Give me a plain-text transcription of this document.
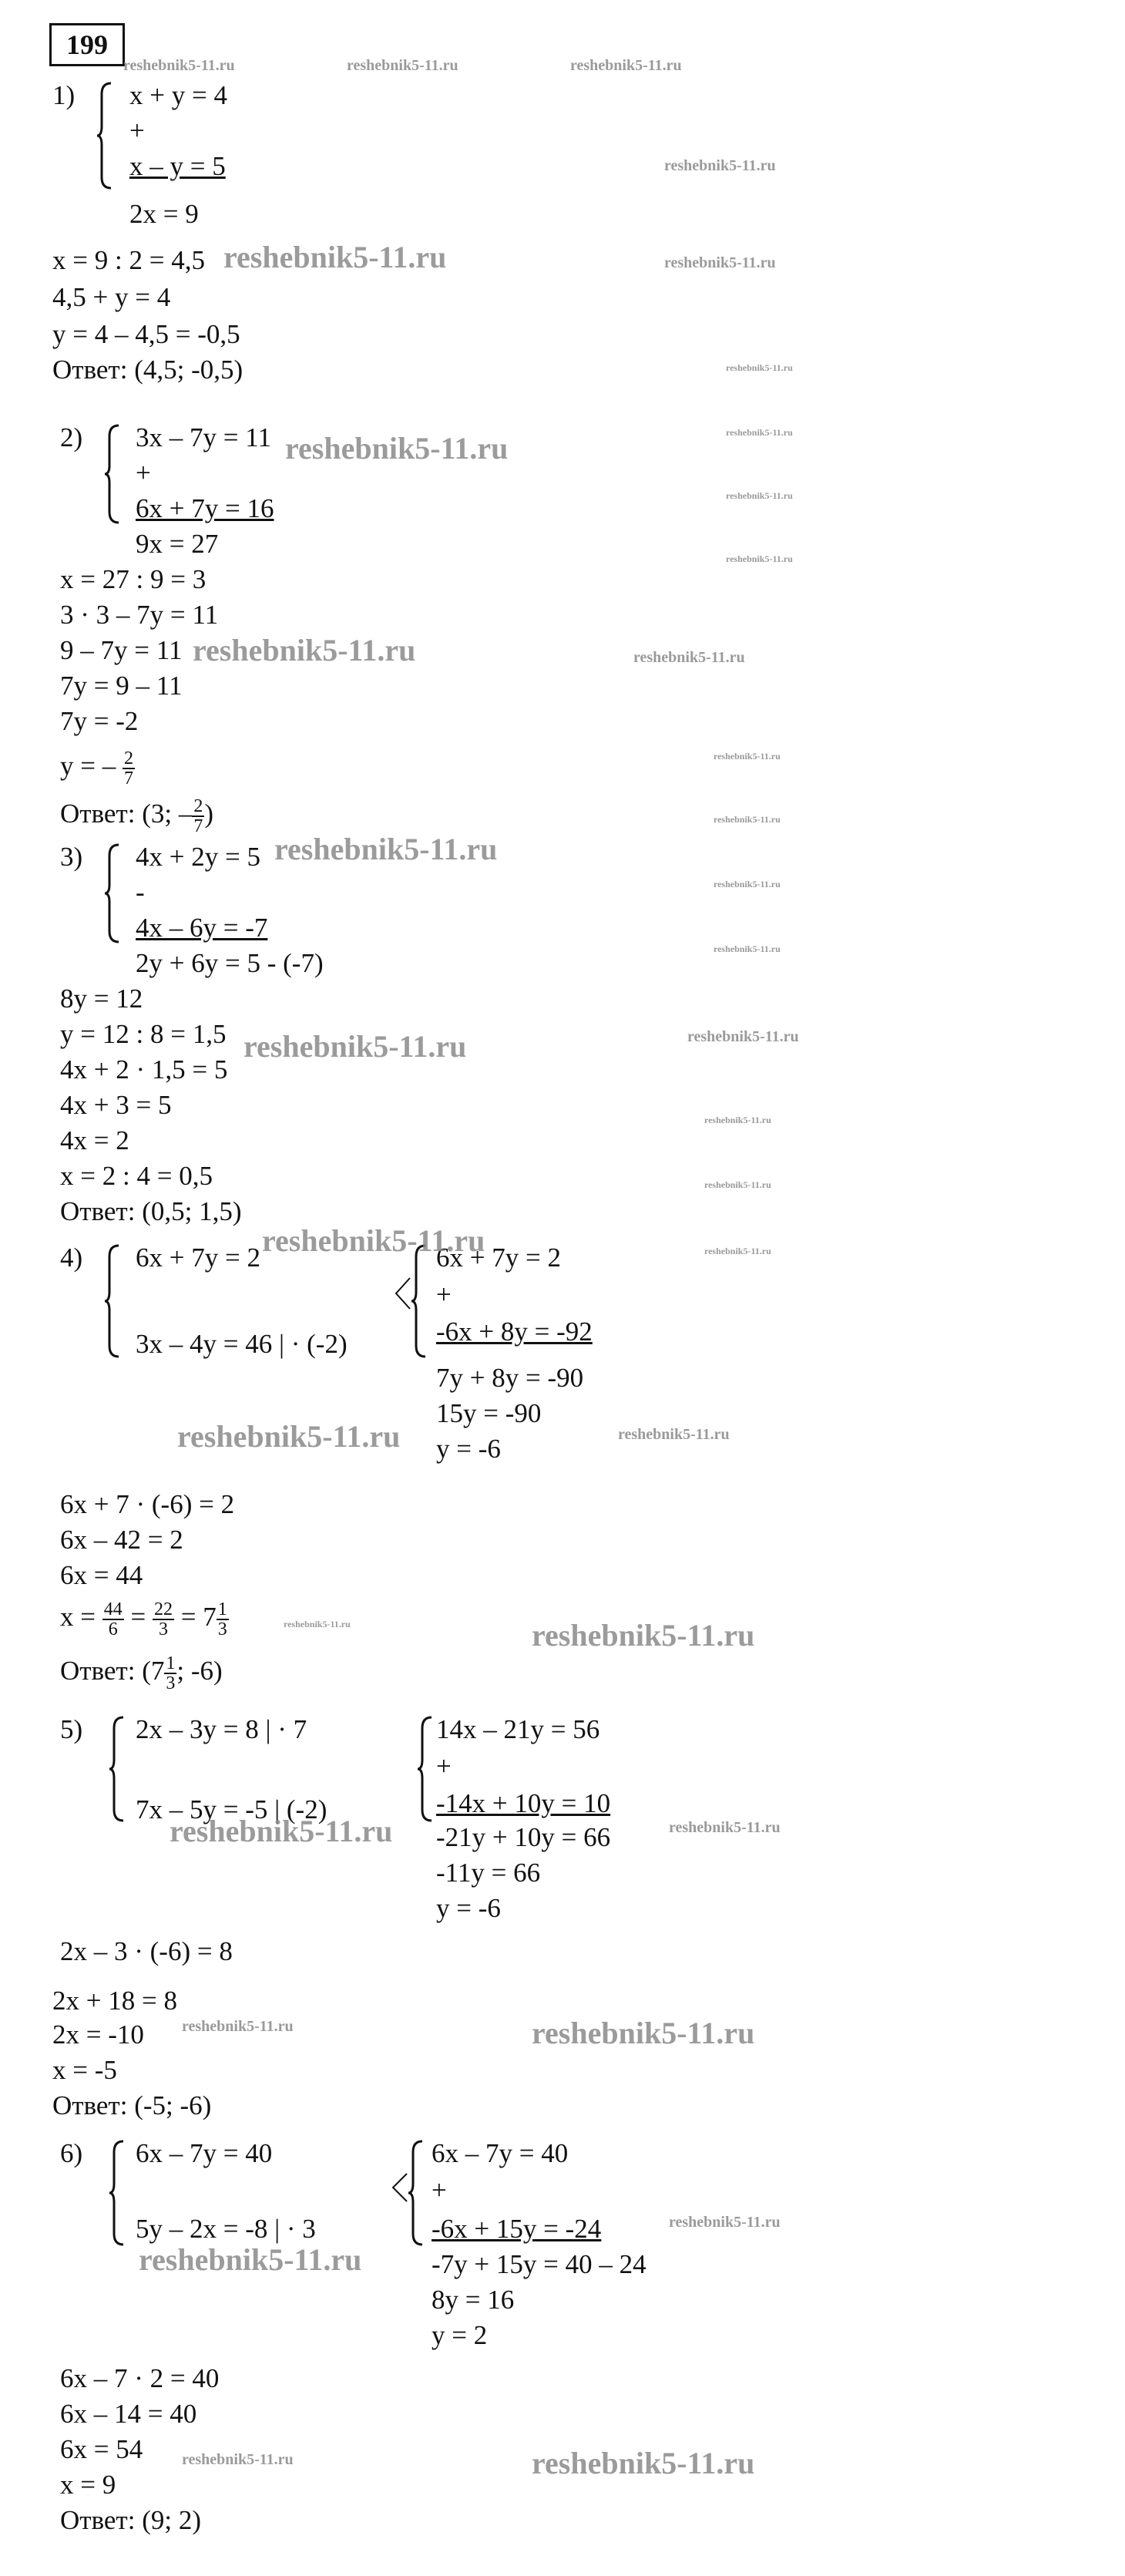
199
1) x + y = 4
+
x – y = 5
2x = 9
x = 9 : 2 = 4,5
4,5 + y = 4
y = 4 – 4,5 = -0,5
Ответ: (4,5; -0,5)
2) 3x – 7y = 11
+
6x + 7y = 16
9x = 27
x = 27 : 9 = 3
3 · 3 – 7y = 11
9 – 7y = 11
7y = 9 – 11
7y = -2
y = – $\frac{2}{7}$
Ответ: (3; – $\frac{2}{7}$ )
3) 4x + 2y = 5
-
4x – 6y = -7
2y + 6y = 5 - (-7)
8y = 12
y = 12 : 8 = 1,5
4x + 2 · 1,5 = 5
4x + 3 = 5
4x = 2
x = 2 : 4 = 0,5
Ответ: (0,5; 1,5)
4) 6x + 7y = 2
3x – 4y = 46 | · (-2)
6x + 7y = 2
+
-6x + 8y = -92
7y + 8y = -90
15y = -90
y = -6
6x + 7 · (-6) = 2
6x – 42 = 2
6x = 44
$x = \frac{44}{6} = \frac{22}{3} = 7 \frac{1}{3}$
Ответ: ($7 \frac{1}{3}$ ; -6)
5) 2x – 3y = 8 | · 7
7x – 5y = -5 | (-2)
14x – 21y = 56
+
-14x + 10y = 10
-21y + 10y = 66
-11y = 66
y = -6
2x – 3 · (-6) = 8
2x + 18 = 8
2x = -10
x = -5
Ответ: (-5; -6)
6) 6x – 7y = 40
5y – 2x = -8 | · 3
6x – 7y = 40
+
-6x + 15y = -24
-7y + 15y = 40 – 24
8y = 16
y = 2
6x – 7 · 2 = 40
6x – 14 = 40
6x = 54
x = 9
Ответ: (9; 2)
reshebnik5-11.ru	reshebnik5-11.ru	reshebnik5-11.ru
reshebnik5-11.ru
reshebnik5-11.ru	reshebnik5-11.ru
reshebnik5-11.ru
reshebnik5-11.ru
reshebnik5-11.ru
reshebnik5-11.ru
reshebnik5-11.ru
reshebnik5-11.ru	reshebnik5-11.ru
reshebnik5-11.ru
reshebnik5-11.ru
reshebnik5-11.ru
reshebnik5-11.ru
reshebnik5-11.ru
reshebnik5-11.ru	reshebnik5-11.ru
reshebnik5-11.ru
reshebnik5-11.ru
reshebnik5-11.ru	reshebnik5-11.ru
reshebnik5-11.ru	reshebnik5-11.ru
reshebnik5-11.ru	reshebnik5-11.ru
reshebnik5-11.ru	reshebnik5-11.ru
reshebnik5-11.ru	reshebnik5-11.ru
reshebnik5-11.ru
reshebnik5-11.ru
reshebnik5-11.ru	reshebnik5-11.ru
